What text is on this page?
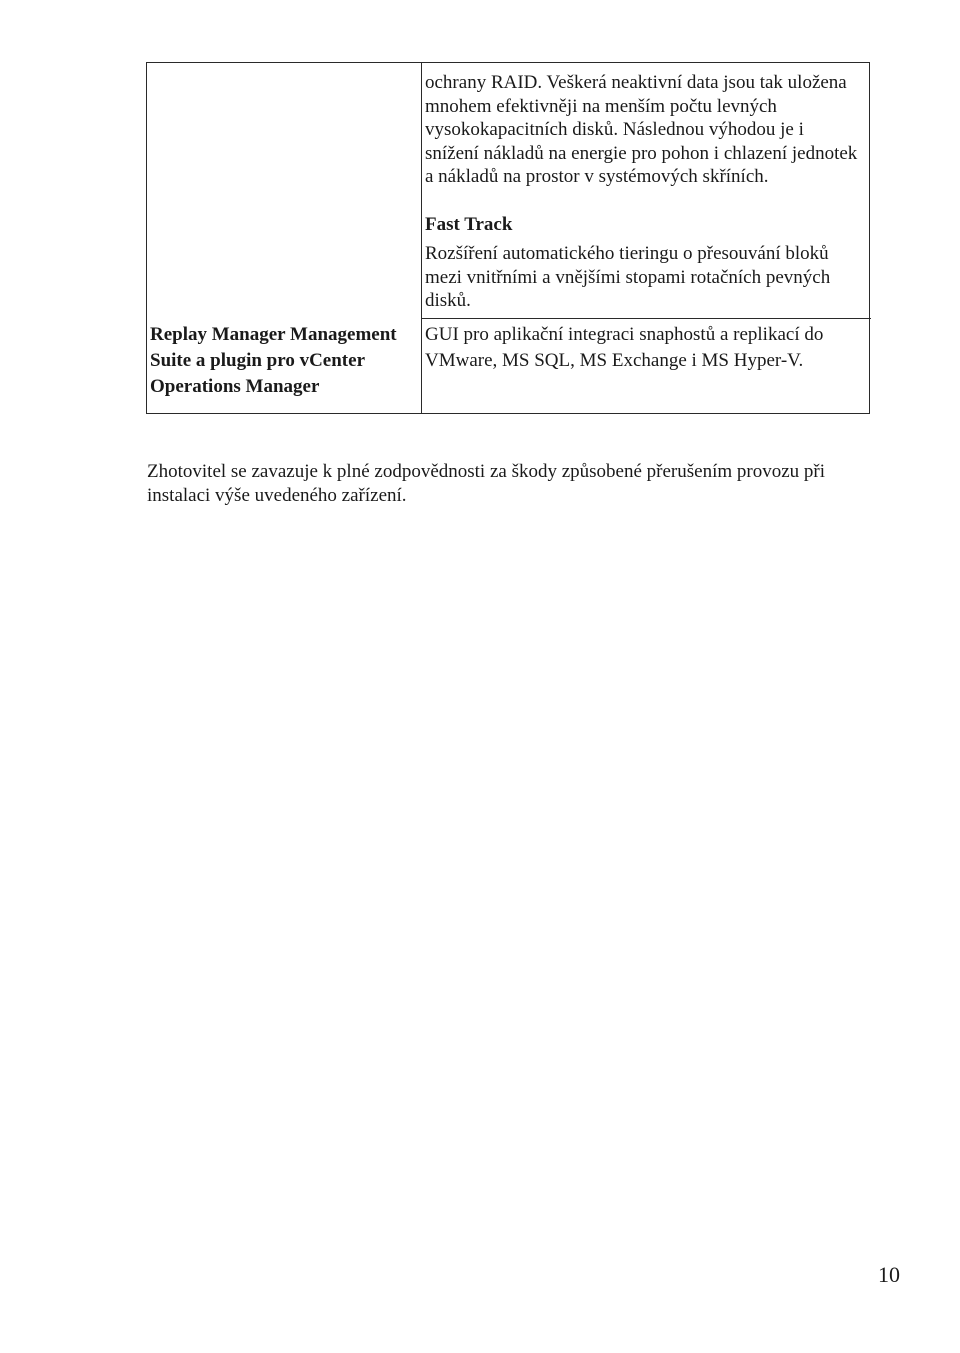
ochrany RAID. Veškerá neaktivní data jsou tak uložena
mnohem efektivněji na menším počtu levných
vysokokapacitních disků. Následnou výhodou je i
snížení nákladů na energie pro pohon i chlazení jednotek
a nákladů na prostor v systémových skříních.
Fast Track
Rozšíření automatického tieringu o přesouvání bloků
mezi vnitřními a vnějšími stopami rotačních pevných
disků.
Replay Manager Management
Suite a plugin pro vCenter
Operations Manager
GUI pro aplikační integraci snaphostů a replikací do
VMware, MS SQL, MS Exchange i MS Hyper-V.
Zhotovitel se zavazuje k plné zodpovědnosti za škody způsobené přerušením provozu při
instalaci výše uvedeného zařízení.
10
